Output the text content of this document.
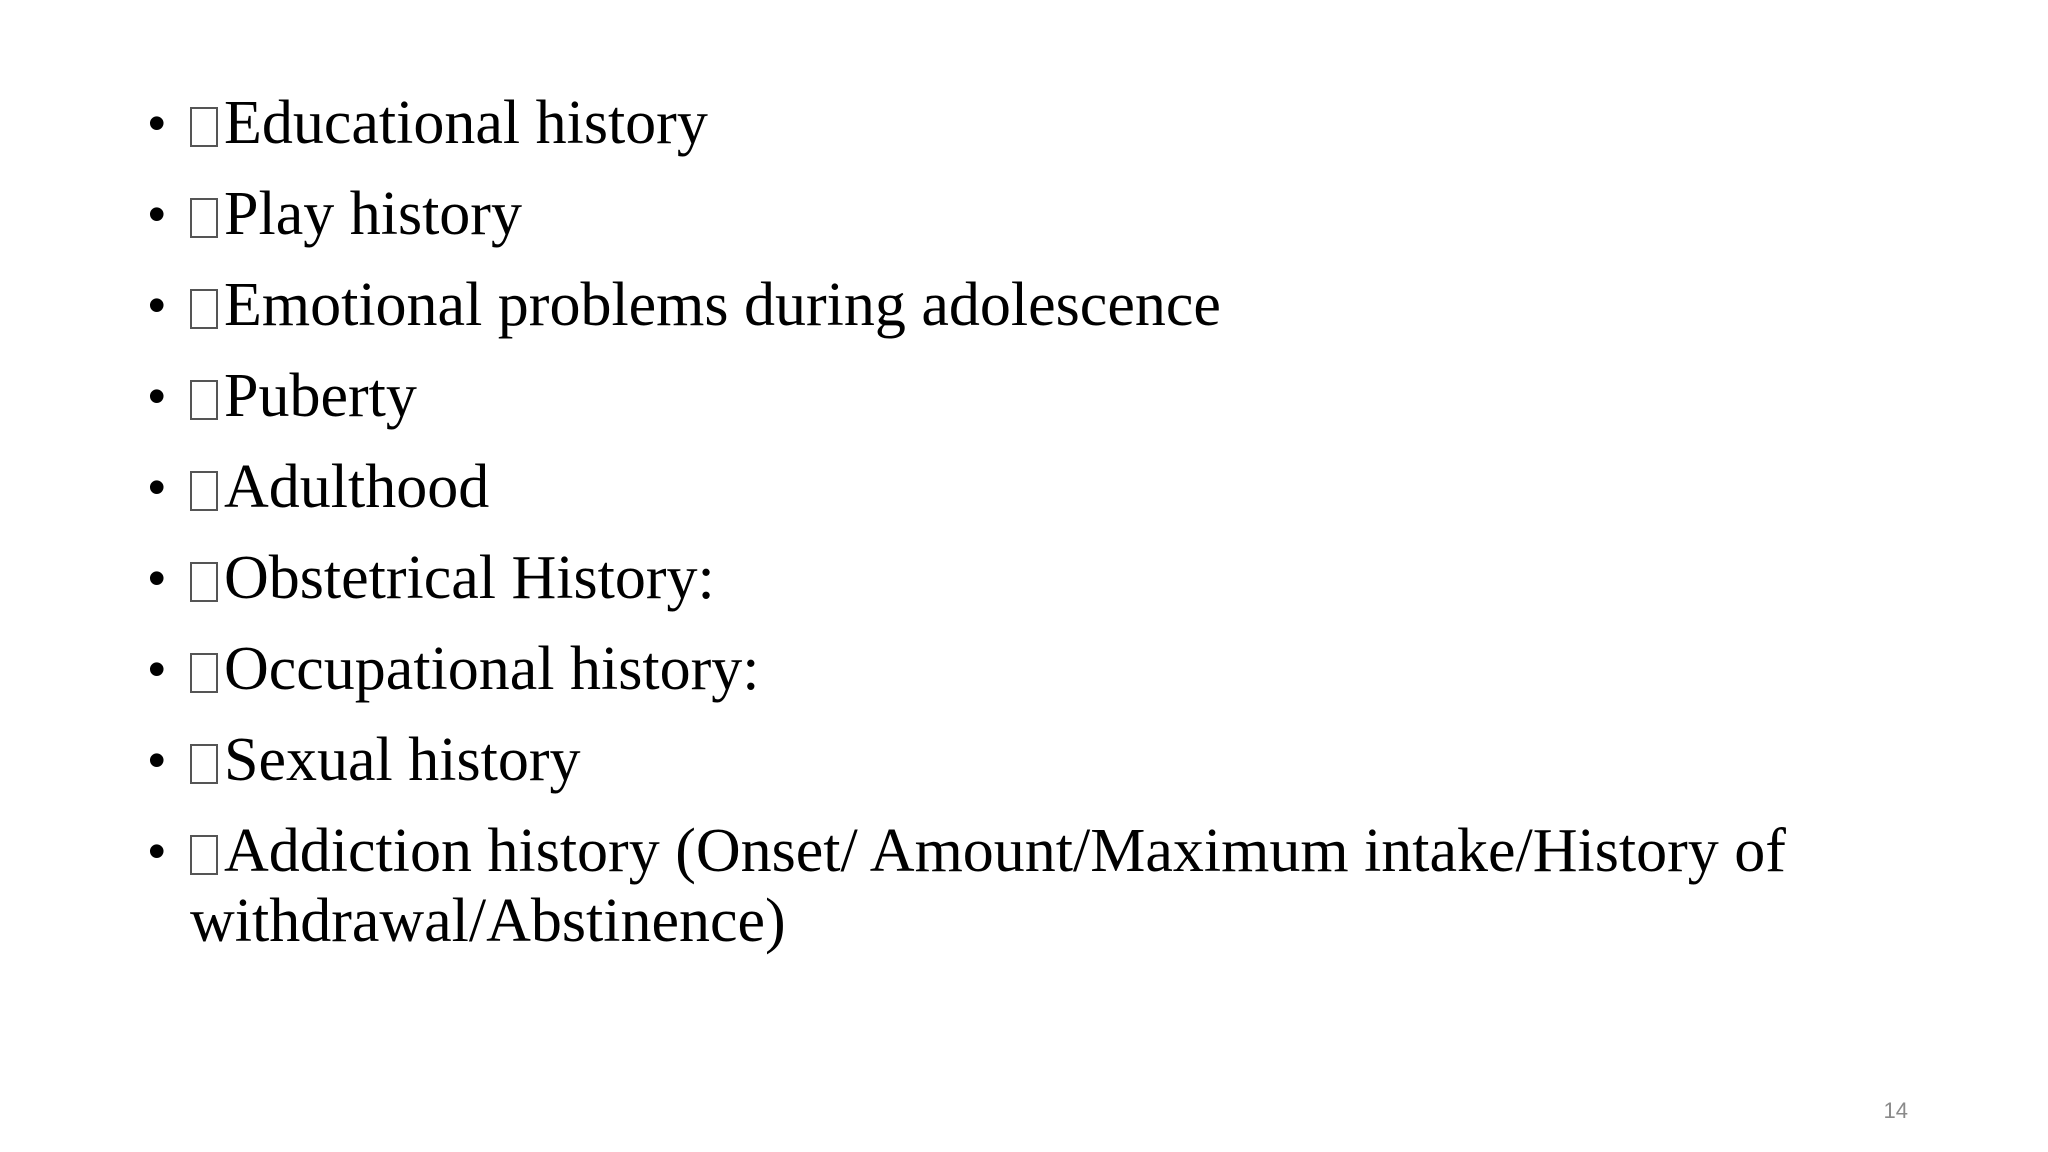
• Educational history
• Play history
• Emotional problems during adolescence
• Puberty
• Adulthood
• Obstetrical History:
• Occupational history:
• Sexual history
• Addiction history (Onset/ Amount/Maximum intake/History of withdrawal/Abstinence)
14
